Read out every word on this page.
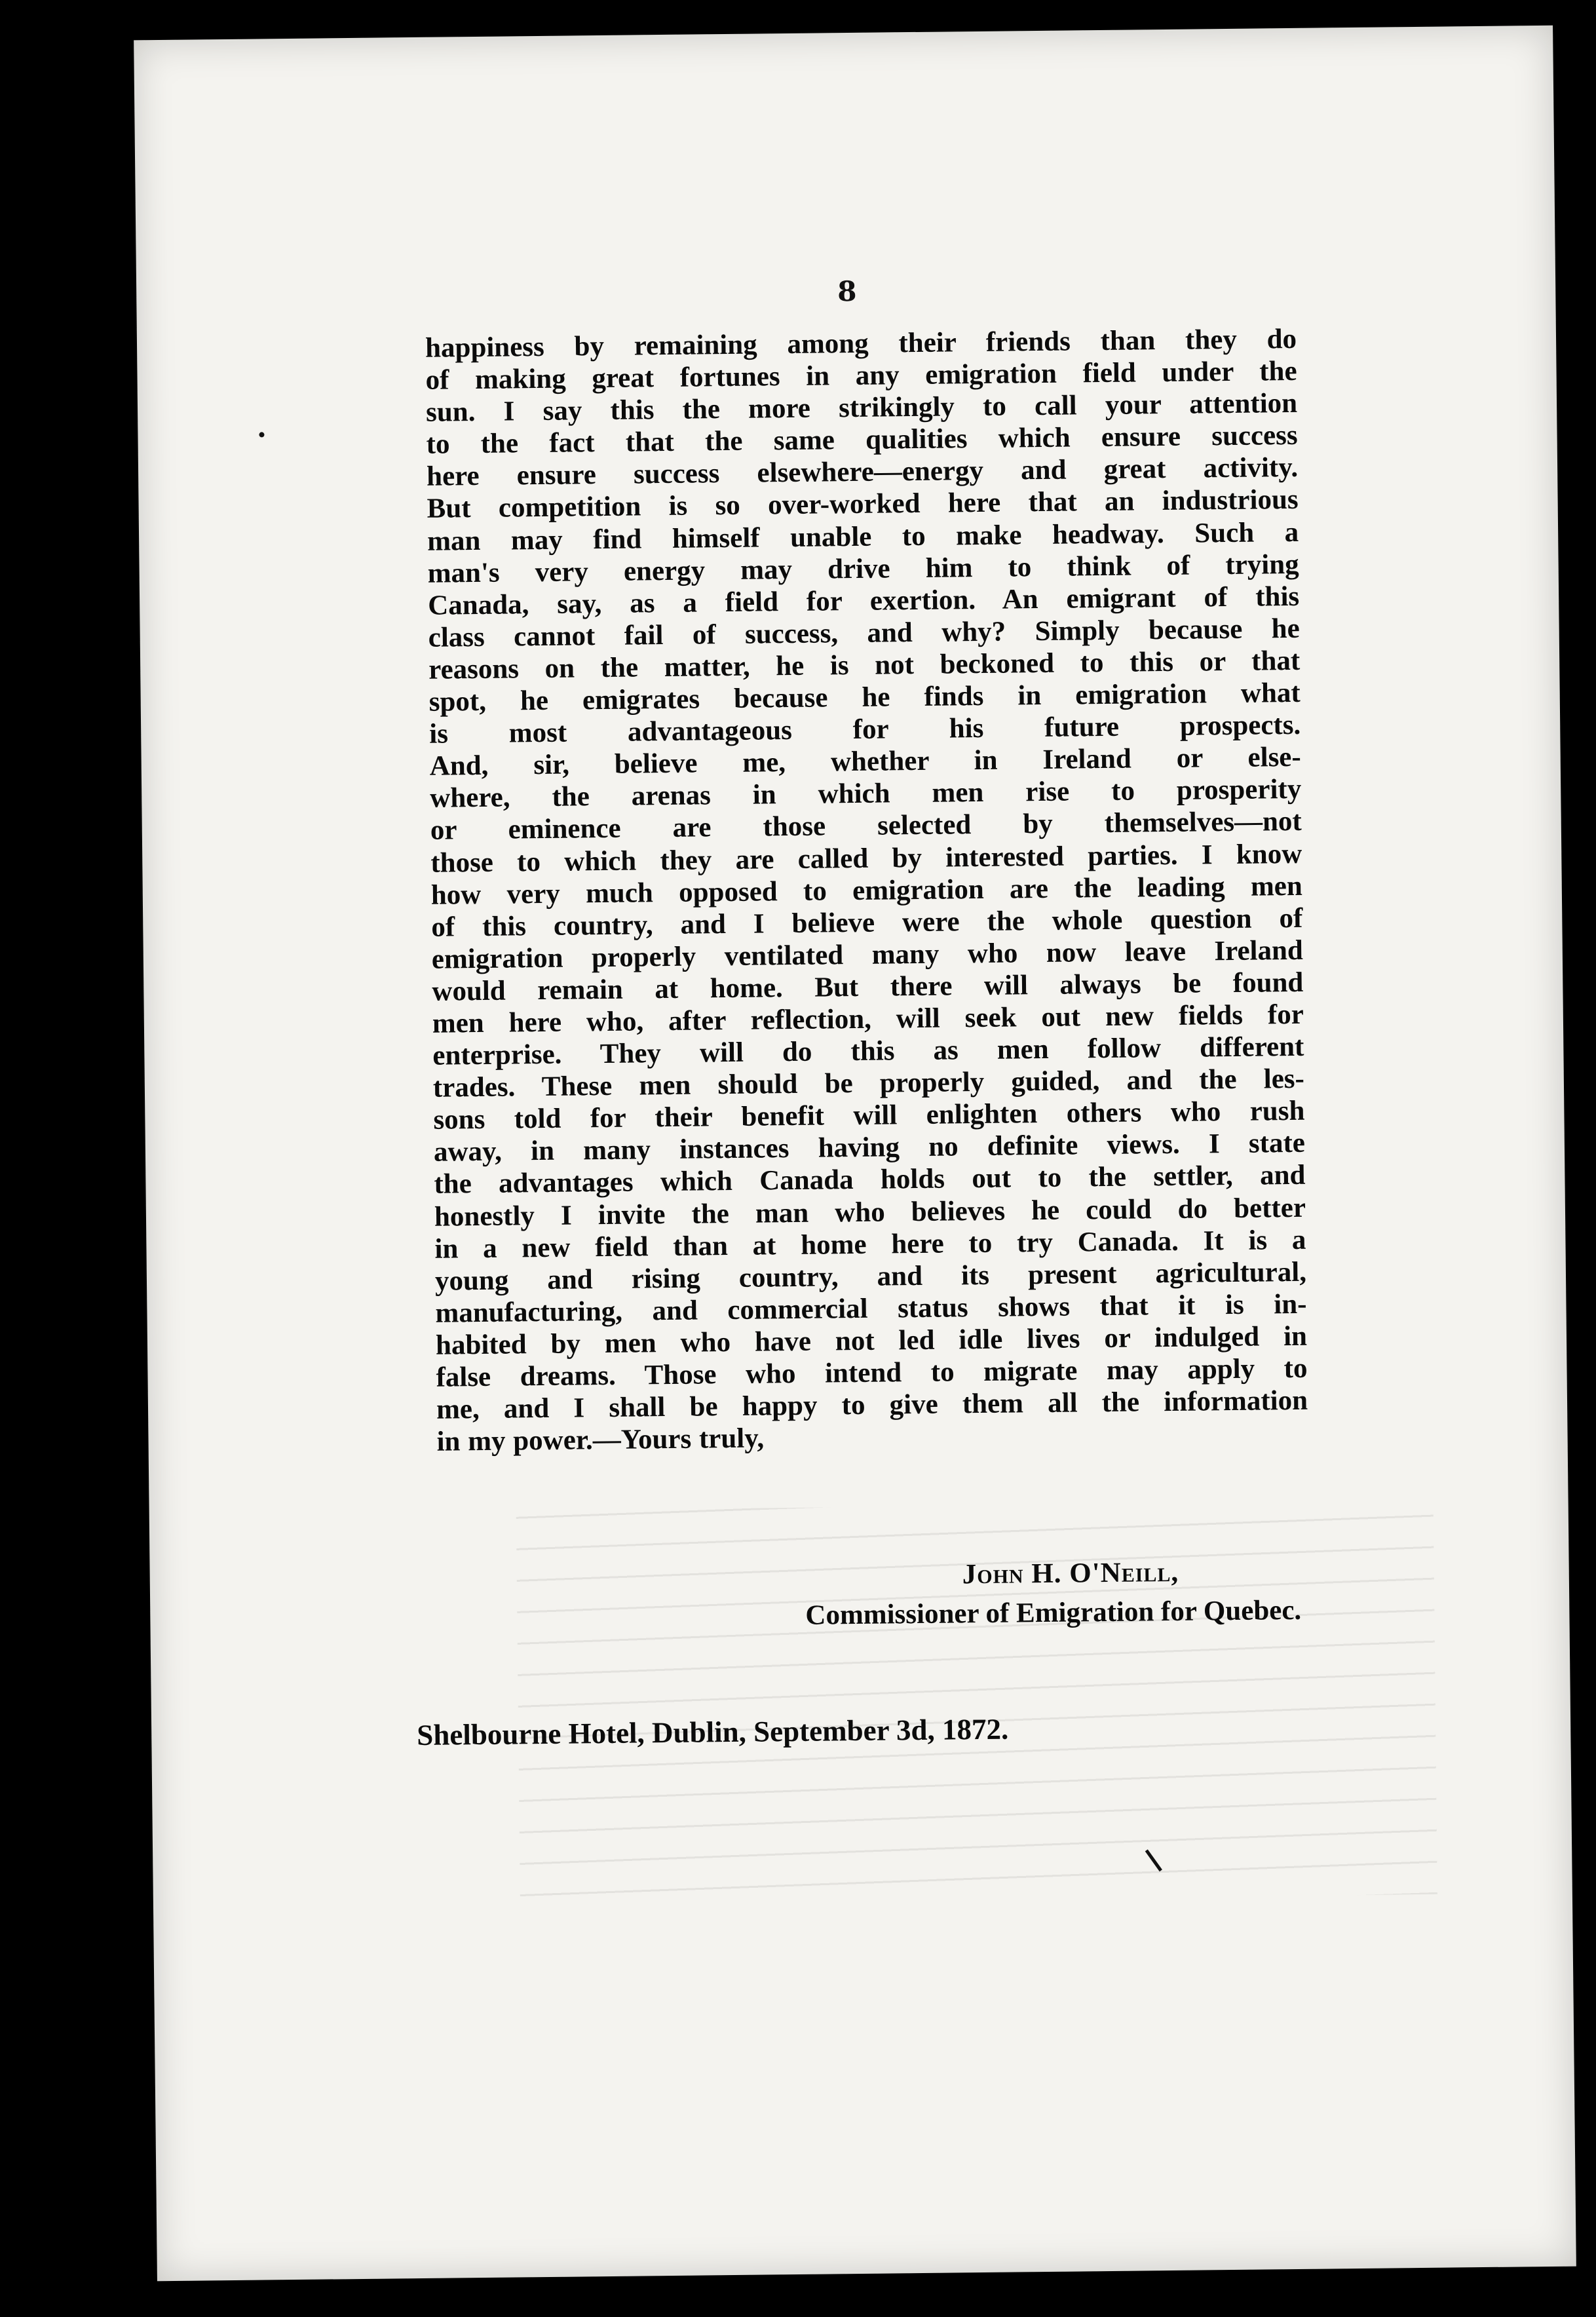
8
happiness by remaining among their friends than they do
of making great fortunes in any emigration field under the
sun. I say this the more strikingly to call your attention
to the fact that the same qualities which ensure success
here ensure success elsewhere—energy and great activity.
But competition is so over-worked here that an industrious
man may find himself unable to make headway. Such a
man's very energy may drive him to think of trying
Canada, say, as a field for exertion. An emigrant of this
class cannot fail of success, and why? Simply because he
reasons on the matter, he is not beckoned to this or that
spot, he emigrates because he finds in emigration what
is most advantageous for his future prospects.
And, sir, believe me, whether in Ireland or else-
where, the arenas in which men rise to prosperity
or eminence are those selected by themselves—not
those to which they are called by interested parties. I know
how very much opposed to emigration are the leading men
of this country, and I believe were the whole question of
emigration properly ventilated many who now leave Ireland
would remain at home. But there will always be found
men here who, after reflection, will seek out new fields for
enterprise. They will do this as men follow different
trades. These men should be properly guided, and the les-
sons told for their benefit will enlighten others who rush
away, in many instances having no definite views. I state
the advantages which Canada holds out to the settler, and
honestly I invite the man who believes he could do better
in a new field than at home here to try Canada. It is a
young and rising country, and its present agricultural,
manufacturing, and commercial status shows that it is in-
habited by men who have not led idle lives or indulged in
false dreams. Those who intend to migrate may apply to
me, and I shall be happy to give them all the information
in my power.—Yours truly,
John H. O'Neill,
Commissioner of Emigration for Quebec.
Shelbourne Hotel, Dublin, September 3d, 1872.
